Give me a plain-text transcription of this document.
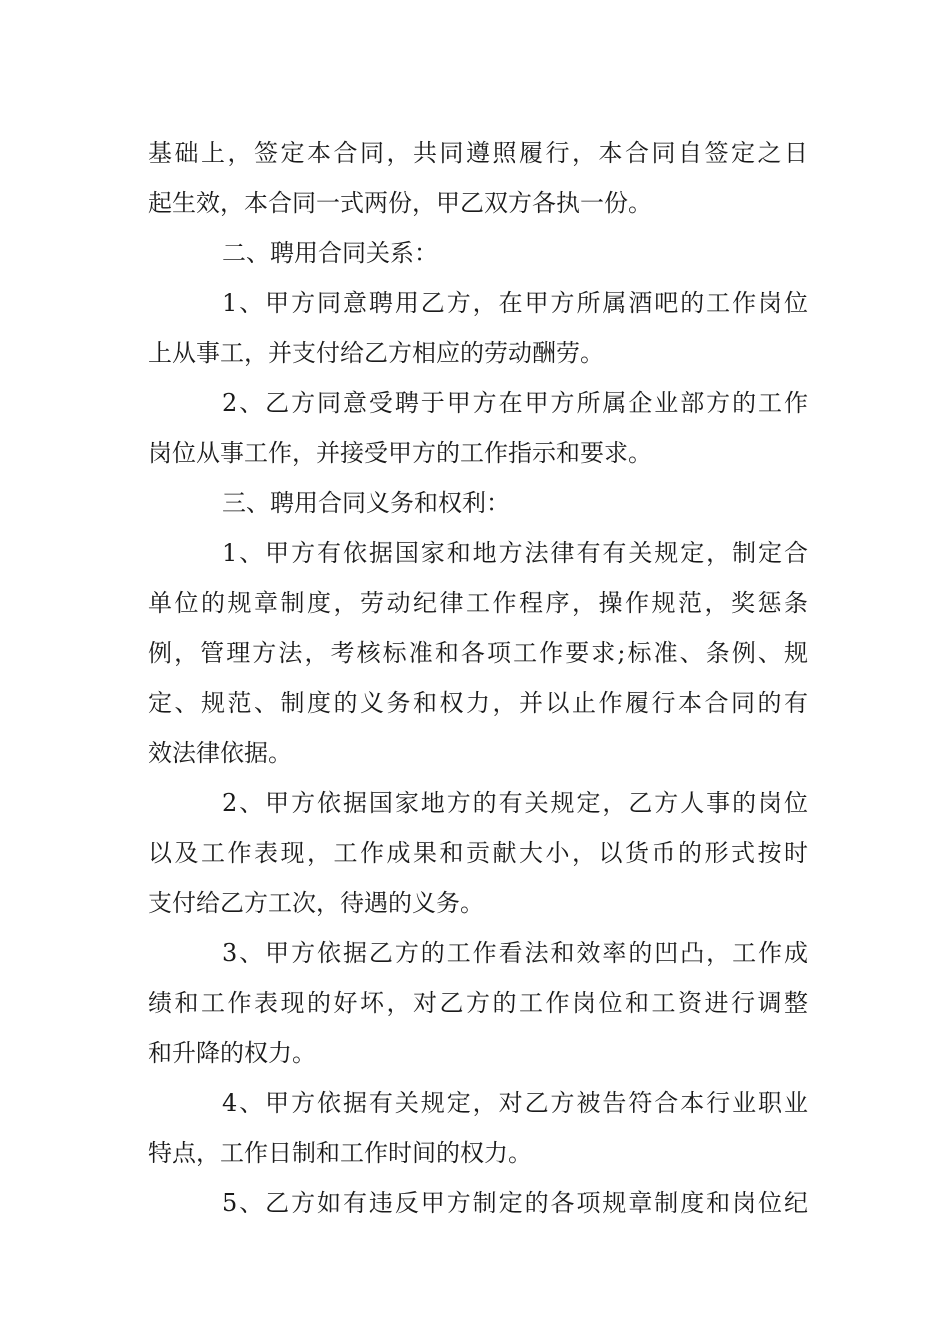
基础上，签定本合同，共同遵照履行，本合同自签定之日
起生效，本合同一式两份，甲乙双方各执一份。
二、聘用合同关系：
1、甲方同意聘用乙方，在甲方所属酒吧的工作岗位
上从事工，并支付给乙方相应的劳动酬劳。
2、乙方同意受聘于甲方在甲方所属企业部方的工作
岗位从事工作，并接受甲方的工作指示和要求。
三、聘用合同义务和权利：
1、甲方有依据国家和地方法律有有关规定，制定合
单位的规章制度，劳动纪律工作程序，操作规范，奖惩条
例，管理方法，考核标准和各项工作要求;标准、条例、规
定、规范、制度的义务和权力，并以止作履行本合同的有
效法律依据。
2、甲方依据国家地方的有关规定，乙方人事的岗位
以及工作表现，工作成果和贡献大小，以货币的形式按时
支付给乙方工次，待遇的义务。
3、甲方依据乙方的工作看法和效率的凹凸，工作成
绩和工作表现的好坏，对乙方的工作岗位和工资进行调整
和升降的权力。
4、甲方依据有关规定，对乙方被告符合本行业职业
特点，工作日制和工作时间的权力。
5、乙方如有违反甲方制定的各项规章制度和岗位纪
